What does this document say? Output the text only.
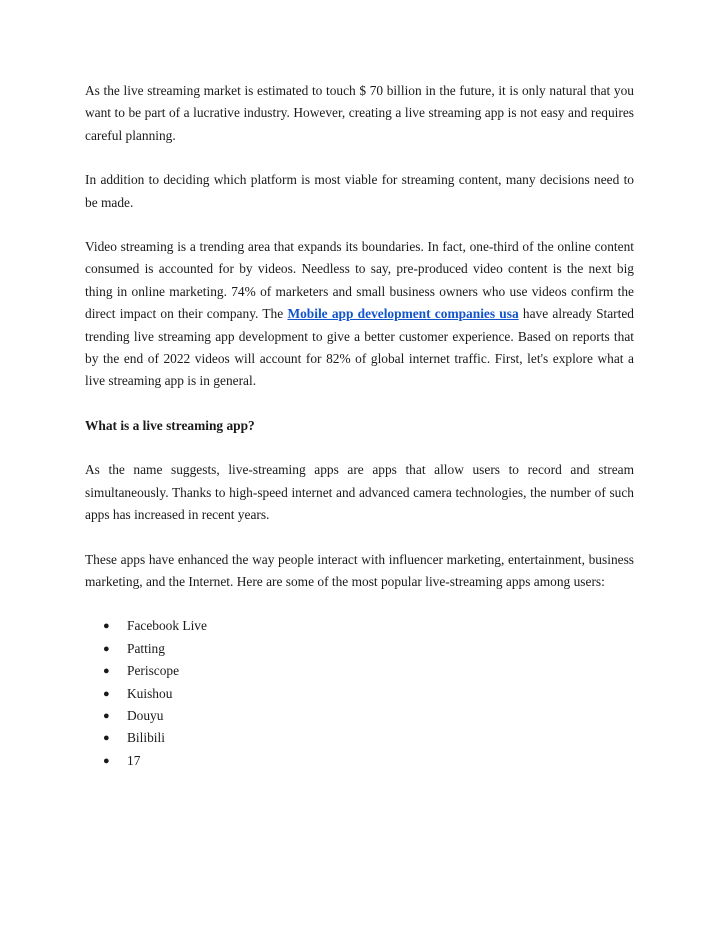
As the live streaming market is estimated to touch $ 70 billion in the future, it is only natural that you want to be part of a lucrative industry. However, creating a live streaming app is not easy and requires careful planning.

In addition to deciding which platform is most viable for streaming content, many decisions need to be made.

Video streaming is a trending area that expands its boundaries. In fact, one-third of the online content consumed is accounted for by videos. Needless to say, pre-produced video content is the next big thing in online marketing. 74% of marketers and small business owners who use videos confirm the direct impact on their company. The Mobile app development companies usa have already Started trending live streaming app development to give a better customer experience. Based on reports that by the end of 2022 videos will account for 82% of global internet traffic. First, let's explore what a live streaming app is in general.

What is a live streaming app?

As the name suggests, live-streaming apps are apps that allow users to record and stream simultaneously. Thanks to high-speed internet and advanced camera technologies, the number of such apps has increased in recent years.

These apps have enhanced the way people interact with influencer marketing, entertainment, business marketing, and the Internet. Here are some of the most popular live-streaming apps among users:

● Facebook Live
● Patting
● Periscope
● Kuishou
● Douyu
● Bilibili
● 17
